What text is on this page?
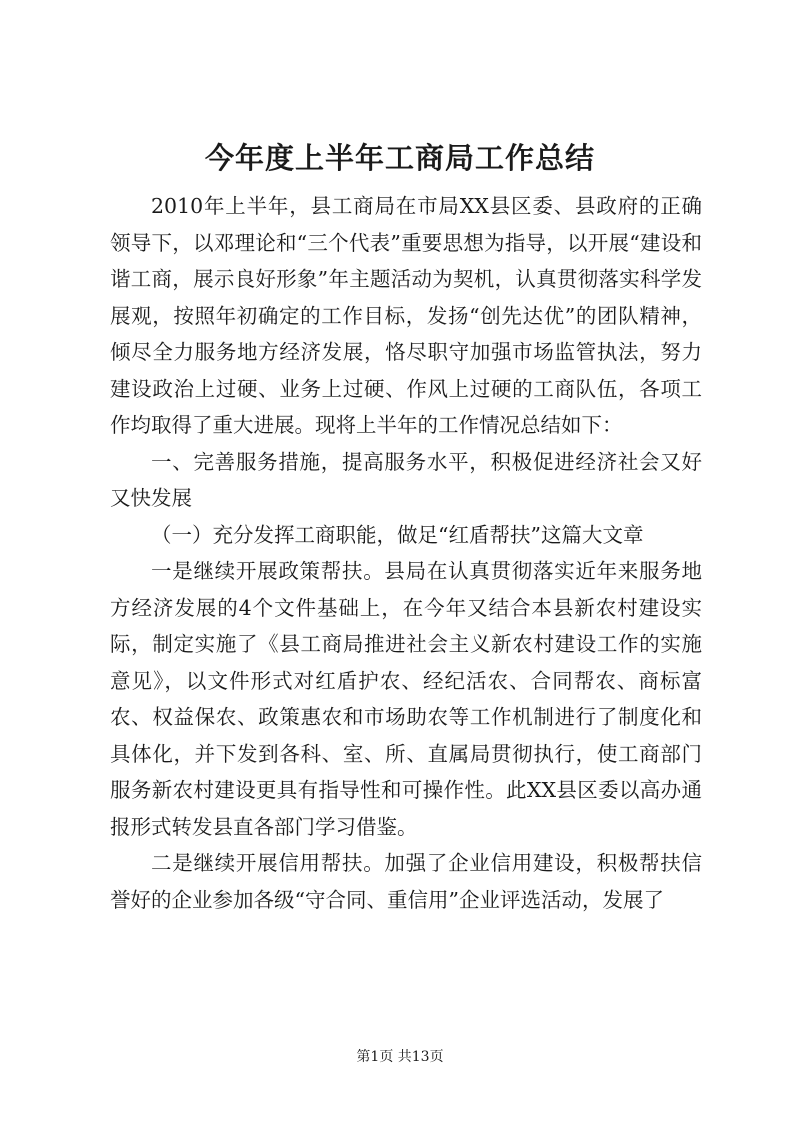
今年度上半年工商局工作总结

2010年上半年，县工商局在市局XX县区委、县政府的正确领导下，以邓理论和“三个代表”重要思想为指导，以开展“建设和谐工商，展示良好形象”年主题活动为契机，认真贯彻落实科学发展观，按照年初确定的工作目标，发扬“创先达优”的团队精神，倾尽全力服务地方经济发展，恪尽职守加强市场监管执法，努力建设政治上过硬、业务上过硬、作风上过硬的工商队伍，各项工作均取得了重大进展。现将上半年的工作情况总结如下：

一、完善服务措施，提高服务水平，积极促进经济社会又好又快发展

（一）充分发挥工商职能，做足“红盾帮扶”这篇大文章

一是继续开展政策帮扶。县局在认真贯彻落实近年来服务地方经济发展的4个文件基础上，在今年又结合本县新农村建设实际，制定实施了《县工商局推进社会主义新农村建设工作的实施意见》，以文件形式对红盾护农、经纪活农、合同帮农、商标富农、权益保农、政策惠农和市场助农等工作机制进行了制度化和具体化，并下发到各科、室、所、直属局贯彻执行，使工商部门服务新农村建设更具有指导性和可操作性。此XX县区委以高办通报形式转发县直各部门学习借鉴。

二是继续开展信用帮扶。加强了企业信用建设，积极帮扶信誉好的企业参加各级“守合同、重信用”企业评选活动，发展了

第1页 共13页
